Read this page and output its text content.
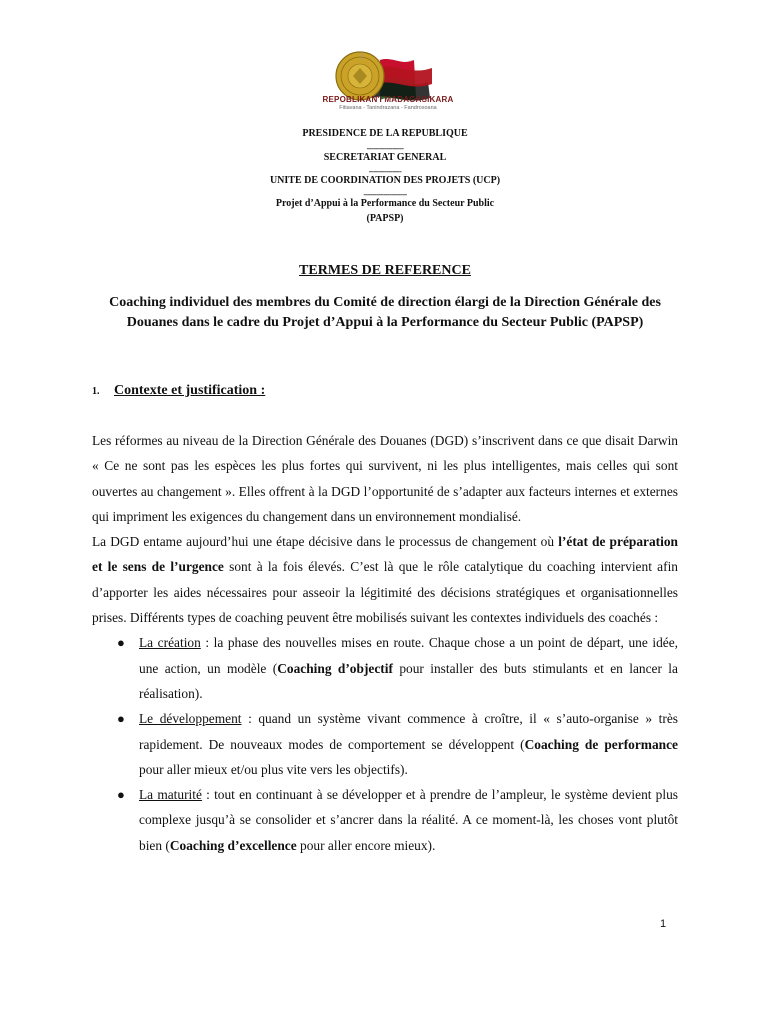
REPOBLIKAN'I MADAGASIKARA
Fitiavana - Tanindrazana - Fandrosoana
PRESIDENCE DE LA REPUBLIQUE
-----------------
SECRETARIAT GENERAL
---------------
UNITE DE COORDINATION DES PROJETS (UCP)
--------------------
Projet d’Appui à la Performance du Secteur Public
(PAPSP)
TERMES DE REFERENCE
Coaching individuel des membres du Comité de direction élargi de la Direction Générale des Douanes dans le cadre du Projet d’Appui à la Performance du Secteur Public (PAPSP)
1. Contexte et justification :

Les réformes au niveau de la Direction Générale des Douanes (DGD) s’inscrivent dans ce que disait Darwin « Ce ne sont pas les espèces les plus fortes qui survivent, ni les plus intelligentes, mais celles qui sont ouvertes au changement ». Elles offrent à la DGD l’opportunité de s’adapter aux facteurs internes et externes qui impriment les exigences du changement dans un environnement mondialisé.

La DGD entame aujourd’hui une étape décisive dans le processus de changement où l’état de préparation et le sens de l’urgence sont à la fois élevés. C’est là que le rôle catalytique du coaching intervient afin d’apporter les aides nécessaires pour asseoir la légitimité des décisions stratégiques et organisationnelles prises. Différents types de coaching peuvent être mobilisés suivant les contextes individuels des coachés :

● La création : la phase des nouvelles mises en route. Chaque chose a un point de départ, une idée, une action, un modèle (Coaching d’objectif pour installer des buts stimulants et en lancer la réalisation).
● Le développement : quand un système vivant commence à croître, il « s’auto-organise » très rapidement. De nouveaux modes de comportement se développent (Coaching de performance pour aller mieux et/ou plus vite vers les objectifs).
● La maturité : tout en continuant à se développer et à prendre de l’ampleur, le système devient plus complexe jusqu’à se consolider et s’ancrer dans la réalité. A ce moment-là, les choses vont plutôt bien (Coaching d’excellence pour aller encore mieux).
1
